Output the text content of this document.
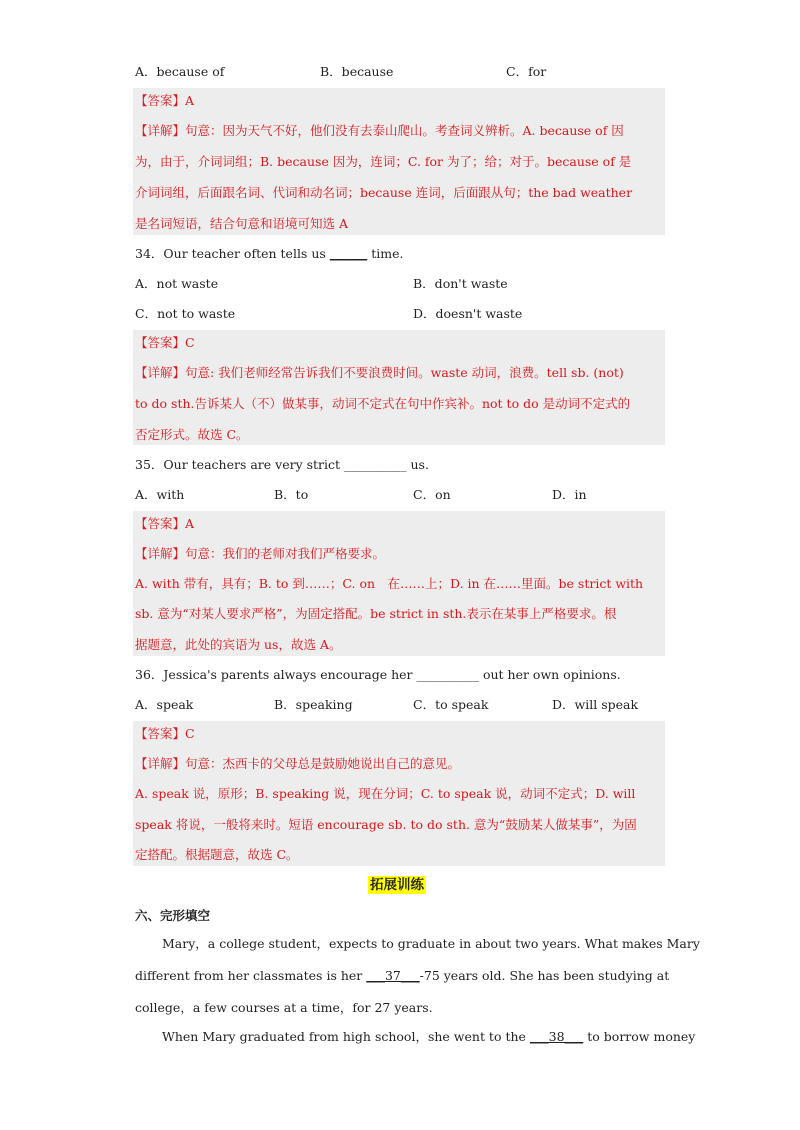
A．because of	B．because	C．for
【答案】A
【详解】句意：因为天气不好，他们没有去泰山爬山。考查词义辨析。A. because of 因
为，由于，介词词组；B. because 因为，连词；C. for 为了；给；对于。because of 是
介词词组，后面跟名词、代词和动名词；because 连词，后面跟从句；the bad weather
是名词短语，结合句意和语境可知选 A
34．Our teacher often tells us ______ time.
A．not waste	B．don't waste
C．not to waste	D．doesn't waste
【答案】C
【详解】句意: 我们老师经常告诉我们不要浪费时间。waste 动词，浪费。tell sb. (not)
to do sth.告诉某人（不）做某事，动词不定式在句中作宾补。not to do 是动词不定式的
否定形式。故选 C。
35．Our teachers are very strict __________ us.
A．with	B．to	C．on	D．in
【答案】A
【详解】句意：我们的老师对我们严格要求。
A. with 带有，具有；B. to 到……；C. on　在……上；D. in 在……里面。be strict with
sb. 意为“对某人要求严格”，为固定搭配。be strict in sth.表示在某事上严格要求。根
据题意，此处的宾语为 us，故选 A。
36．Jessica's parents always encourage her __________ out her own opinions.
A．speak	B．speaking	C．to speak	D．will speak
【答案】C
【详解】句意：杰西卡的父母总是鼓励她说出自己的意见。
A. speak 说，原形；B. speaking 说，现在分词；C. to speak 说，动词不定式；D. will
speak 将说，一般将来时。短语 encourage sb. to do sth. 意为“鼓励某人做某事”，为固
定搭配。根据题意，故选 C。
拓展训练
六、完形填空
Mary，a college student，expects to graduate in about two years. What makes Mary
different from her classmates is her ___37___-75 years old. She has been studying at
college，a few courses at a time，for 27 years.
When Mary graduated from high school，she went to the ___38___ to borrow money
